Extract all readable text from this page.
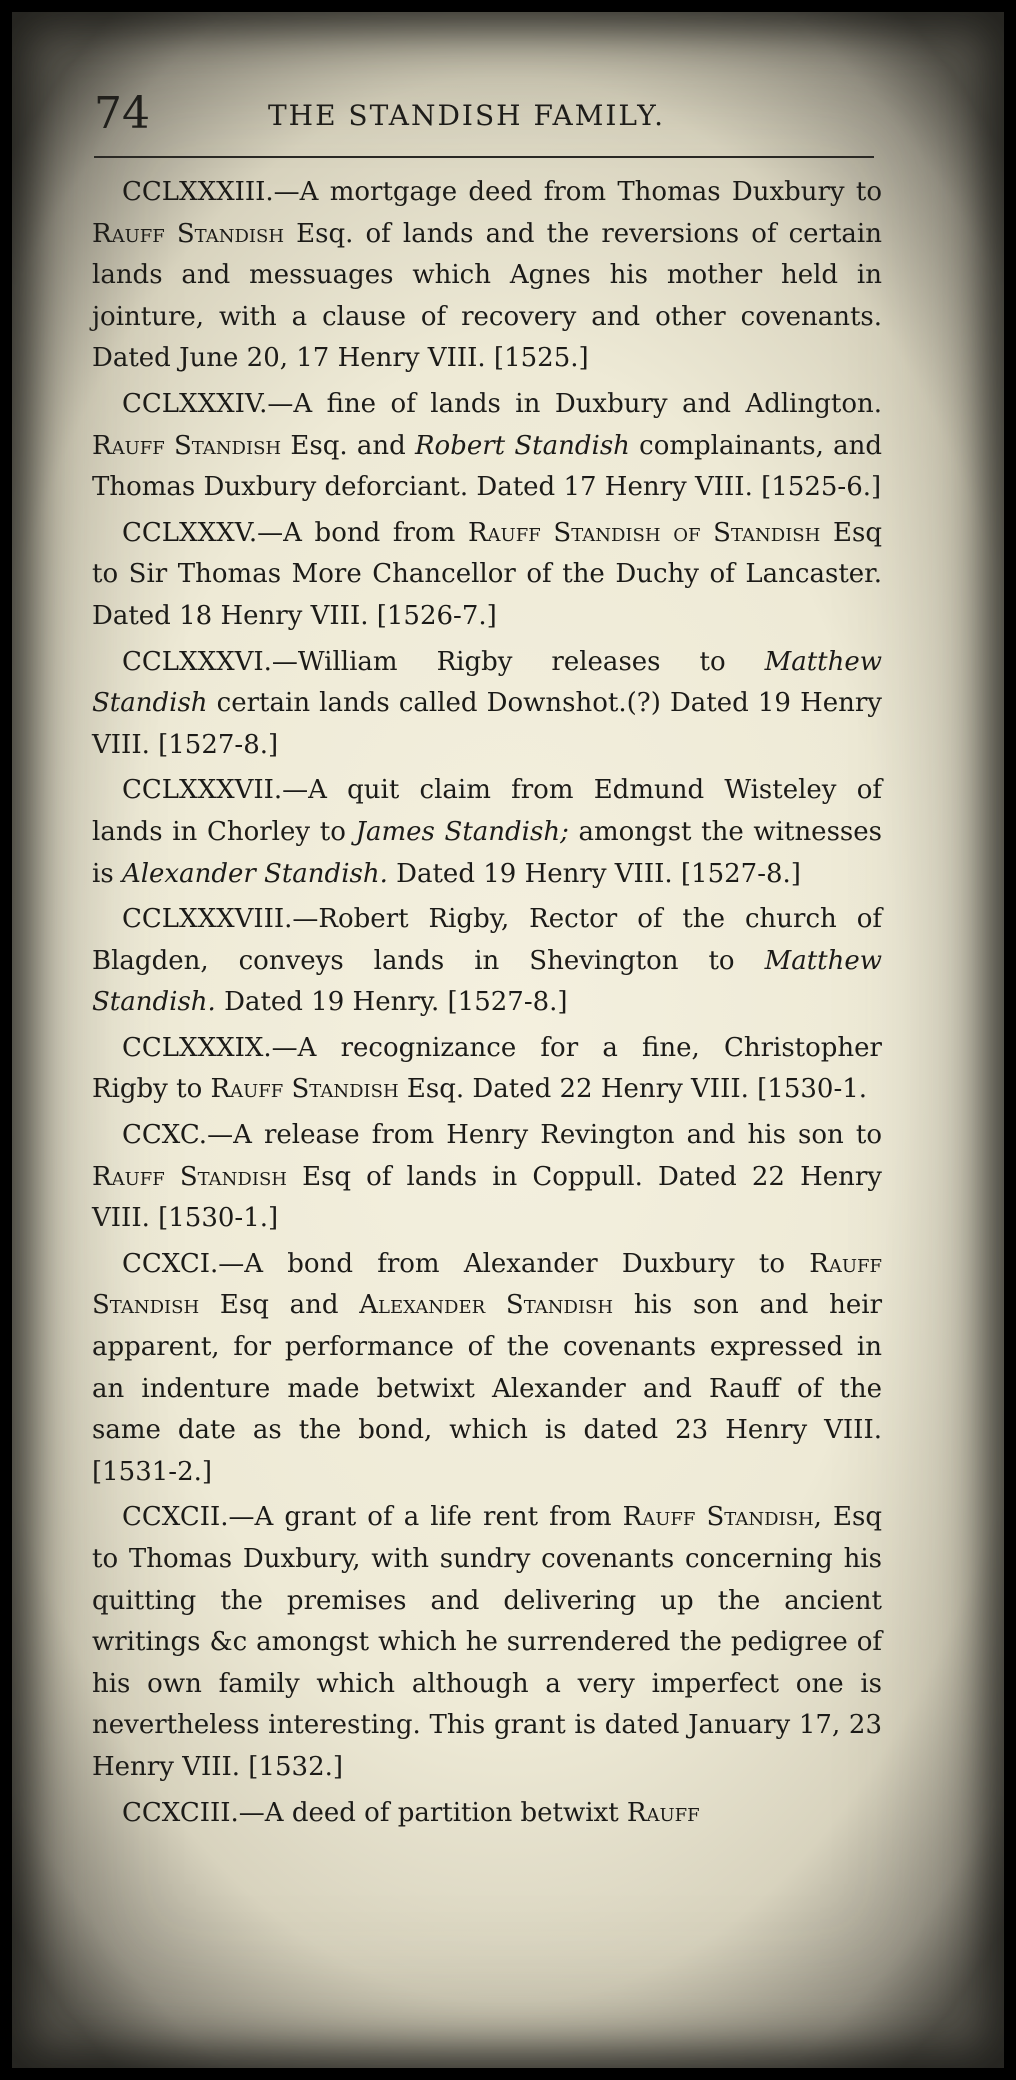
74	THE STANDISH FAMILY.

CCLXXXIII.—A mortgage deed from Thomas Duxbury to Rauff Standish Esq. of lands and the reversions of certain lands and messuages which Agnes his mother held in jointure, with a clause of recovery and other covenants. Dated June 20, 17 Henry VIII. [1525.]

CCLXXXIV.—A fine of lands in Duxbury and Adlington. Rauff Standish Esq. and Robert Standish complainants, and Thomas Duxbury deforciant. Dated 17 Henry VIII. [1525-6.]

CCLXXXV.—A bond from Rauff Standish of Standish Esq to Sir Thomas More Chancellor of the Duchy of Lancaster. Dated 18 Henry VIII. [1526-7.]

CCLXXXVI.—William Rigby releases to Matthew Standish certain lands called Downshot.(?) Dated 19 Henry VIII. [1527-8.]

CCLXXXVII.—A quit claim from Edmund Wisteley of lands in Chorley to James Standish; amongst the witnesses is Alexander Standish. Dated 19 Henry VIII. [1527-8.]

CCLXXXVIII.—Robert Rigby, Rector of the church of Blagden, conveys lands in Shevington to Matthew Standish. Dated 19 Henry. [1527-8.]

CCLXXXIX.—A recognizance for a fine, Christopher Rigby to Rauff Standish Esq. Dated 22 Henry VIII. [1530-1.

CCXC.—A release from Henry Revington and his son to Rauff Standish Esq of lands in Coppull. Dated 22 Henry VIII. [1530-1.]

CCXCI.—A bond from Alexander Duxbury to Rauff Standish Esq and Alexander Standish his son and heir apparent, for performance of the covenants expressed in an indenture made betwixt Alexander and Rauff of the same date as the bond, which is dated 23 Henry VIII. [1531-2.]

CCXCII.—A grant of a life rent from Rauff Standish, Esq to Thomas Duxbury, with sundry covenants concerning his quitting the premises and delivering up the ancient writings &c amongst which he surrendered the pedigree of his own family which although a very imperfect one is nevertheless interesting. This grant is dated January 17, 23 Henry VIII. [1532.]

CCXCIII.—A deed of partition betwixt Rauff
